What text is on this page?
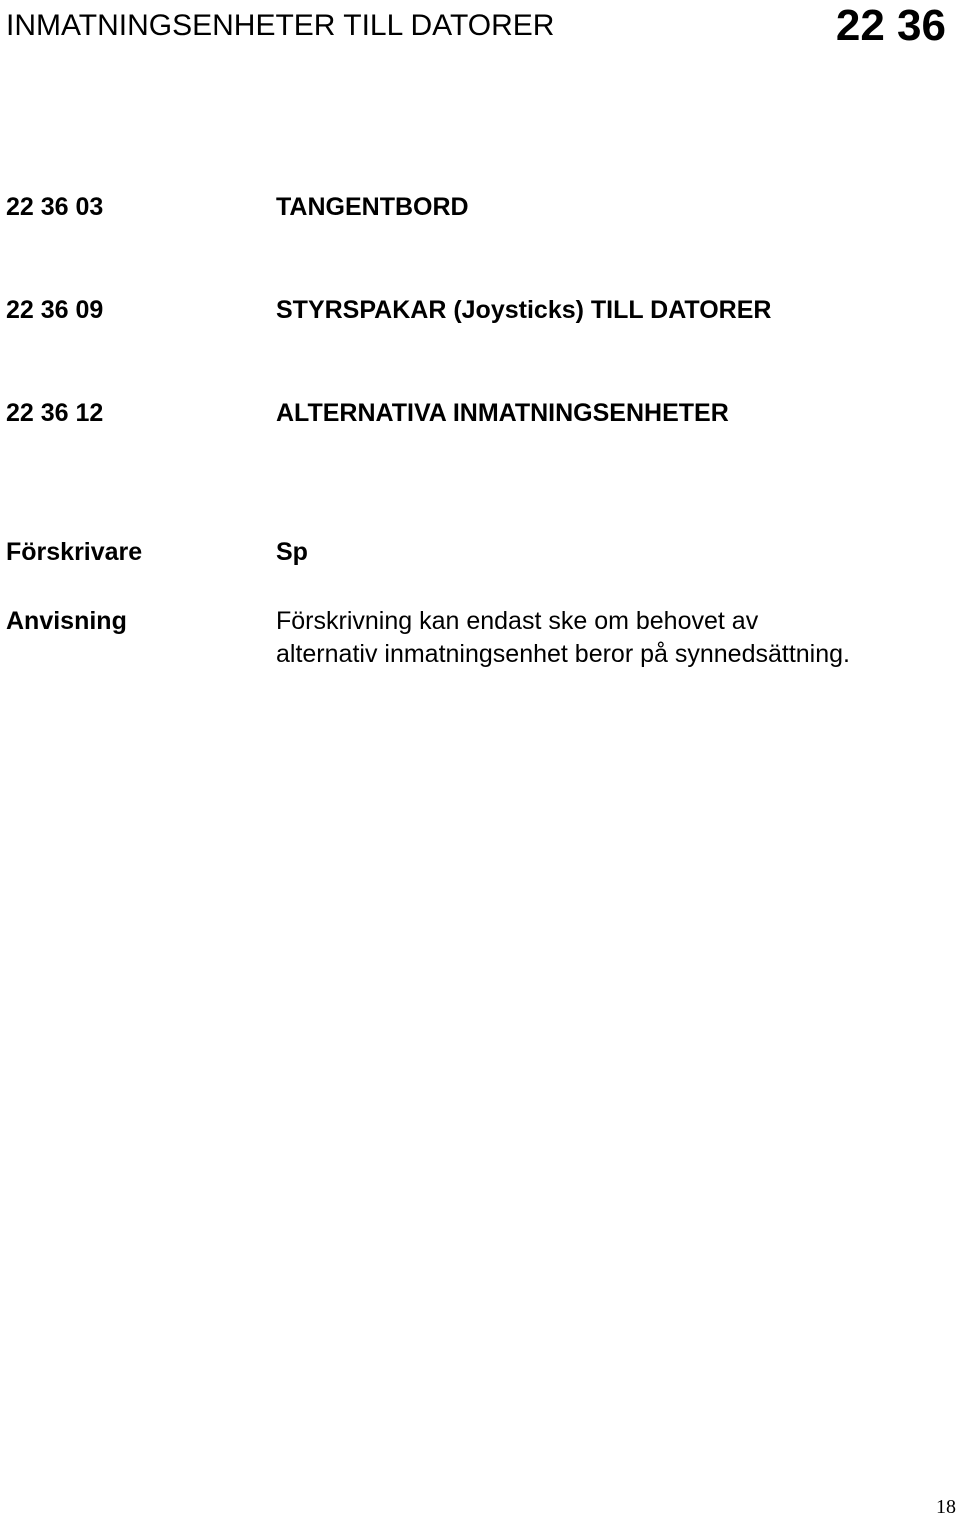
INMATNINGSENHETER TILL DATORER	22 36
22 36 03	TANGENTBORD
22 36 09	STYRSPAKAR (Joysticks) TILL DATORER
22 36 12	ALTERNATIVA INMATNINGSENHETER
Förskrivare	Sp
Anvisning	Förskrivning kan endast ske om behovet av
alternativ inmatningsenhet beror på synnedsättning.
18
